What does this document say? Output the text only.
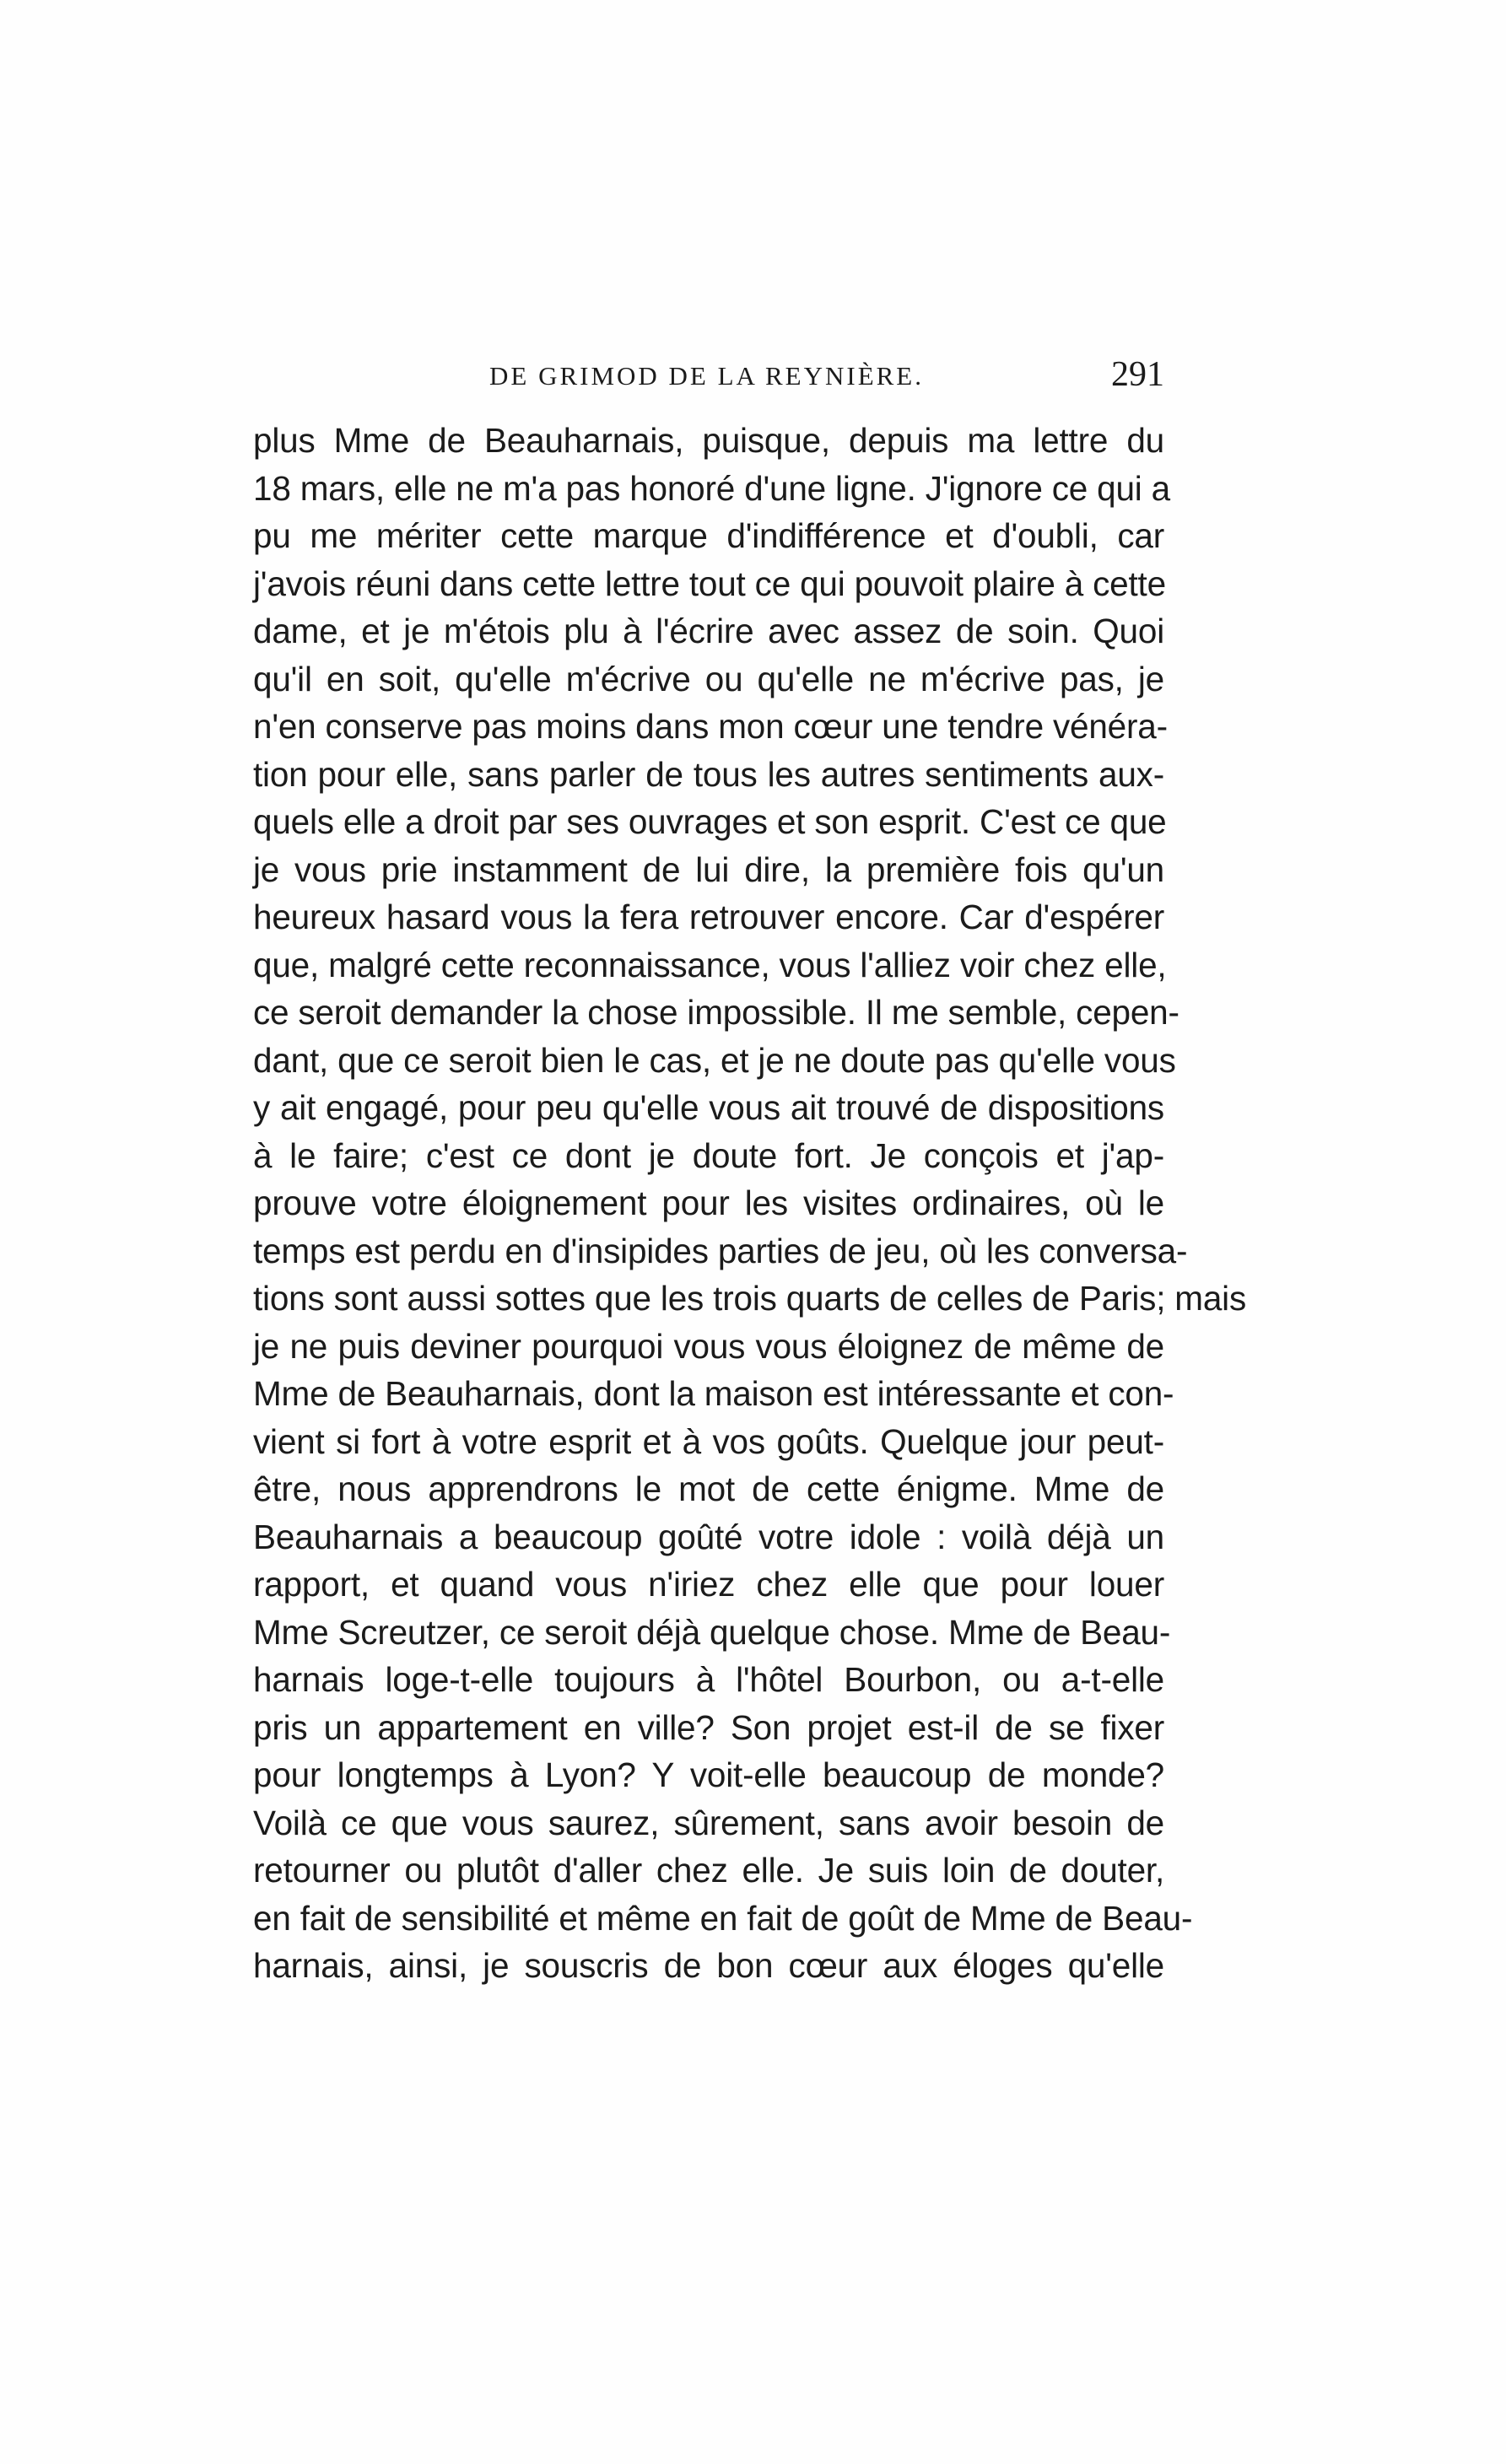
DE GRIMOD DE LA REYNIÈRE.	291
plus Mme de Beauharnais, puisque, depuis ma lettre du
18 mars, elle ne m'a pas honoré d'une ligne. J'ignore ce qui a
pu me mériter cette marque d'indifférence et d'oubli, car
j'avois réuni dans cette lettre tout ce qui pouvoit plaire à cette
dame, et je m'étois plu à l'écrire avec assez de soin. Quoi
qu'il en soit, qu'elle m'écrive ou qu'elle ne m'écrive pas, je
n'en conserve pas moins dans mon cœur une tendre vénéra-
tion pour elle, sans parler de tous les autres sentiments aux-
quels elle a droit par ses ouvrages et son esprit. C'est ce que
je vous prie instamment de lui dire, la première fois qu'un
heureux hasard vous la fera retrouver encore. Car d'espérer
que, malgré cette reconnaissance, vous l'alliez voir chez elle,
ce seroit demander la chose impossible. Il me semble, cepen-
dant, que ce seroit bien le cas, et je ne doute pas qu'elle vous
y ait engagé, pour peu qu'elle vous ait trouvé de dispositions
à le faire; c'est ce dont je doute fort. Je conçois et j'ap-
prouve votre éloignement pour les visites ordinaires, où le
temps est perdu en d'insipides parties de jeu, où les conversa-
tions sont aussi sottes que les trois quarts de celles de Paris; mais
je ne puis deviner pourquoi vous vous éloignez de même de
Mme de Beauharnais, dont la maison est intéressante et con-
vient si fort à votre esprit et à vos goûts. Quelque jour peut-
être, nous apprendrons le mot de cette énigme. Mme de
Beauharnais a beaucoup goûté votre idole : voilà déjà un
rapport, et quand vous n'iriez chez elle que pour louer
Mme Screutzer, ce seroit déjà quelque chose. Mme de Beau-
harnais loge-t-elle toujours à l'hôtel Bourbon, ou a-t-elle
pris un appartement en ville? Son projet est-il de se fixer
pour longtemps à Lyon? Y voit-elle beaucoup de monde?
Voilà ce que vous saurez, sûrement, sans avoir besoin de
retourner ou plutôt d'aller chez elle. Je suis loin de douter,
en fait de sensibilité et même en fait de goût de Mme de Beau-
harnais, ainsi, je souscris de bon cœur aux éloges qu'elle
